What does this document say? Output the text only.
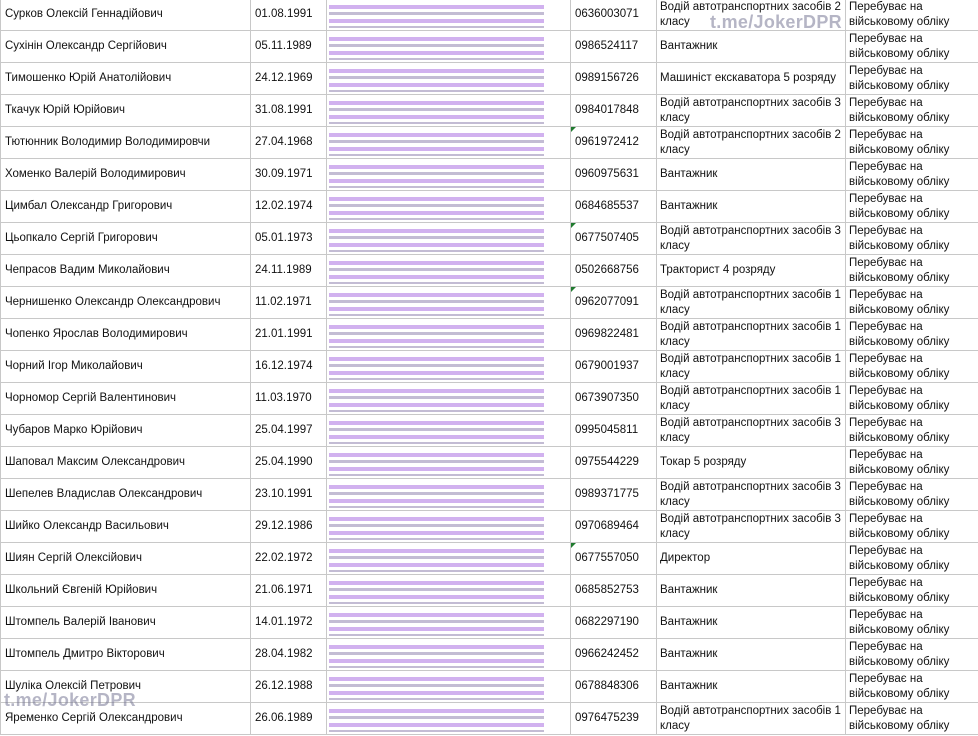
Сурков Олексій Геннадійович	01.08.1991		0636003071	Водій автотранспортних засобів 2 класу	Перебуває на військовому обліку
Сухінін Олександр Сергійович	05.11.1989		0986524117	Вантажник	Перебуває на військовому обліку
Тимошенко Юрій Анатолійович	24.12.1969		0989156726	Машиніст екскаватора 5 розряду	Перебуває на військовому обліку
Ткачук Юрій Юрійович	31.08.1991		0984017848	Водій автотранспортних засобів 3 класу	Перебуває на військовому обліку
Тютюнник Володимир Володимировчи	27.04.1968		0961972412	Водій автотранспортних засобів 2 класу	Перебуває на військовому обліку
Хоменко Валерій Володимирович	30.09.1971		0960975631	Вантажник	Перебуває на військовому обліку
Цимбал Олександр Григорович	12.02.1974		0684685537	Вантажник	Перебуває на військовому обліку
Цьопкало Сергій Григорович	05.01.1973		0677507405	Водій автотранспортних засобів 3 класу	Перебуває на військовому обліку
Чепрасов Вадим Миколайович	24.11.1989		0502668756	Тракторист 4 розряду	Перебуває на військовому обліку
Чернишенко Олександр Олександрович	11.02.1971		0962077091	Водій автотранспортних засобів 1 класу	Перебуває на військовому обліку
Чопенко Ярослав Володимирович	21.01.1991		0969822481	Водій автотранспортних засобів 1 класу	Перебуває на військовому обліку
Чорний Ігор Миколайович	16.12.1974		0679001937	Водій автотранспортних засобів 1 класу	Перебуває на військовому обліку
Чорномор Сергій Валентинович	11.03.1970		0673907350	Водій автотранспортних засобів 1 класу	Перебуває на військовому обліку
Чубаров Марко Юрійович	25.04.1997		0995045811	Водій автотранспортних засобів 3 класу	Перебуває на військовому обліку
Шаповал Максим Олександрович	25.04.1990		0975544229	Токар 5 розряду	Перебуває на військовому обліку
Шепелев Владислав Олександрович	23.10.1991		0989371775	Водій автотранспортних засобів 3 класу	Перебуває на військовому обліку
Шийко Олександр Васильович	29.12.1986		0970689464	Водій автотранспортних засобів 3 класу	Перебуває на військовому обліку
Шиян Сергій Олексійович	22.02.1972		0677557050	Директор	Перебуває на військовому обліку
Школьний Євгеній Юрійович	21.06.1971		0685852753	Вантажник	Перебуває на військовому обліку
Штомпель Валерій Іванович	14.01.1972		0682297190	Вантажник	Перебуває на військовому обліку
Штомпель Дмитро Вікторович	28.04.1982		0966242452	Вантажник	Перебуває на військовому обліку
Шуліка Олексій Петрович	26.12.1988		0678848306	Вантажник	Перебуває на військовому обліку
Яременко Сергій Олександрович	26.06.1989		0976475239	Водій автотранспортних засобів 1 класу	Перебуває на військовому обліку
t.me/JokerDPR
t.me/JokerDPR
